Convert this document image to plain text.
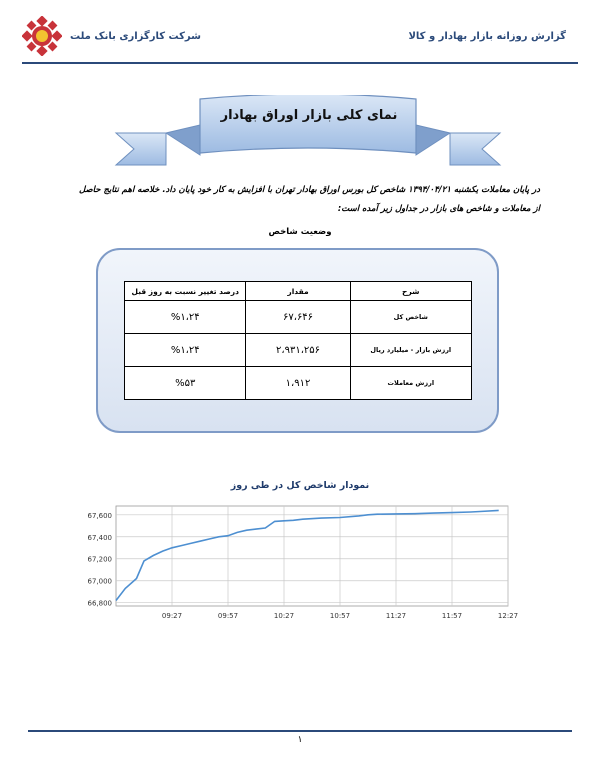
شرکت کارگزاری بانک ملت	گزارش روزانه بازار بهادار و کالا
نمای کلی بازار اوراق بهادار
در پایان معاملات یکشنبه ۱۳۹۴/۰۴/۲۱ شاخص کل بورس اوراق بهادار تهران با افزایش به کار خود پایان داد. خلاصه اهم نتایج حاصل
از معاملات و شاخص های بازار در جداول زیر آمده است:
وضعیت شاخص
شرح	مقدار	درصد تغییر نسبت به روز قبل
شاخص کل	۶۷،۶۴۶	%۱،۲۴
ارزش بازار - میلیارد ریال	۲،۹۳۱،۲۵۶	%۱،۲۴
ارزش معاملات	۱،۹۱۲	%۵۳
نمودار شاخص کل در طی روز
66,800
67,000
67,200
67,400
67,600
09:27	09:57	10:27	10:57	11:27	11:57	12:27
۱
